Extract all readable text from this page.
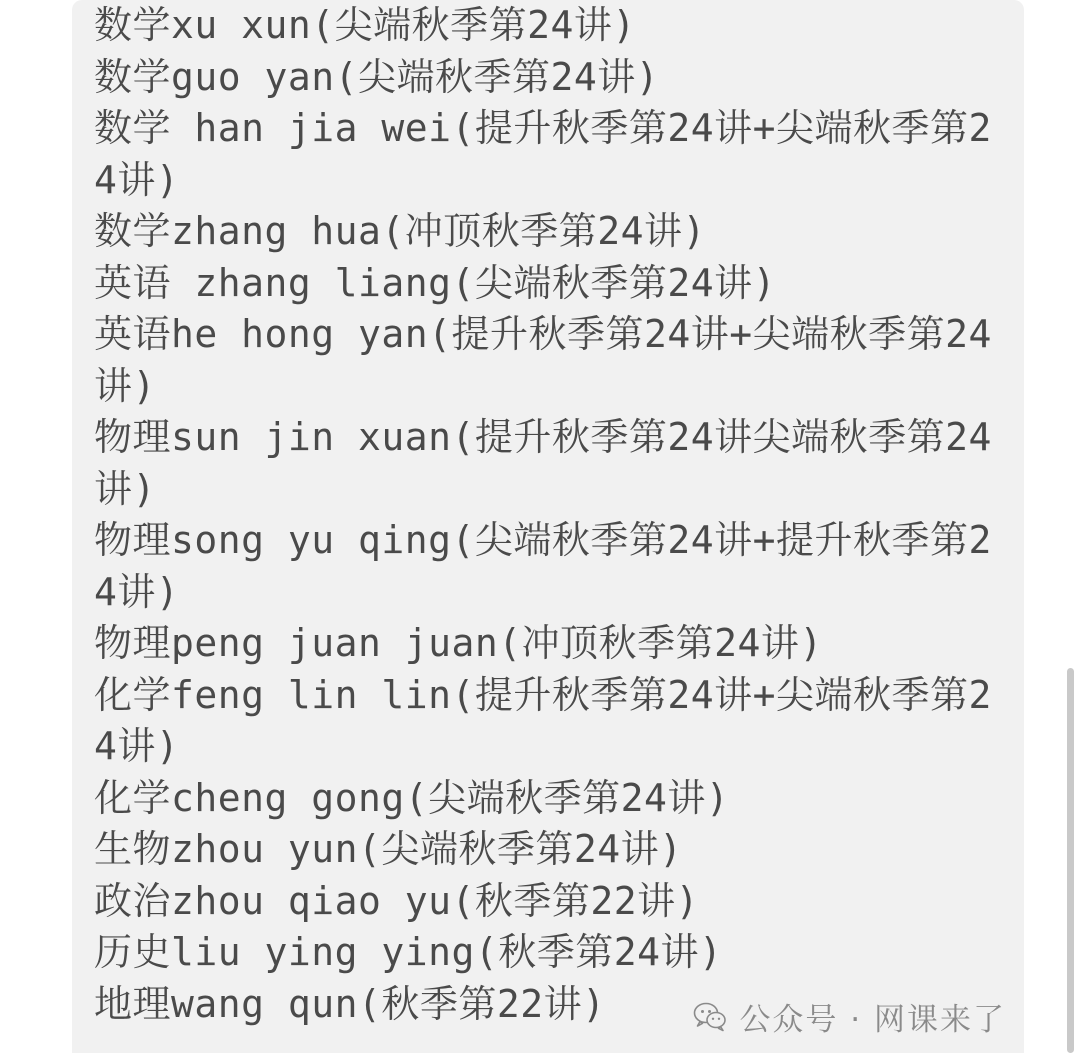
数学xu xun(尖端秋季第24讲)
数学guo yan(尖端秋季第24讲)
数学 han jia wei(提升秋季第24讲+尖端秋季第24讲)
数学zhang hua(冲顶秋季第24讲)
英语 zhang liang(尖端秋季第24讲)
英语he hong yan(提升秋季第24讲+尖端秋季第24讲)
物理sun jin xuan(提升秋季第24讲尖端秋季第24讲)
物理song yu qing(尖端秋季第24讲+提升秋季第24讲)
物理peng juan juan(冲顶秋季第24讲)
化学feng lin lin(提升秋季第24讲+尖端秋季第24讲)
化学cheng gong(尖端秋季第24讲)
生物zhou yun(尖端秋季第24讲)
政治zhou qiao yu(秋季第22讲)
历史liu ying ying(秋季第24讲)
地理wang qun(秋季第22讲)	公众号 · 网课来了
